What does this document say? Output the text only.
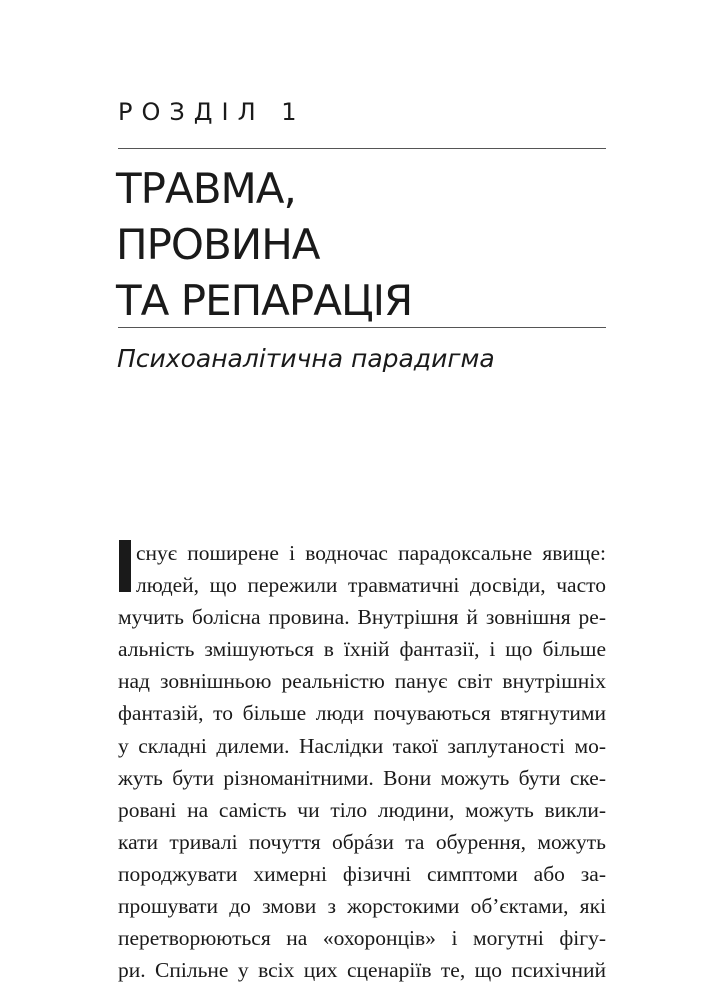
РОЗДІЛ 1
ТРАВМА,
ПРОВИНА
ТА РЕПАРАЦІЯ
Психоаналітична парадигма
снує поширене і водночас парадоксальне явище:
людей, що пережили травматичні досвіди, часто
мучить болісна провина. Внутрішня й зовнішня ре-
альність змішуються в їхній фантазії, і що більше
над зовнішньою реальністю панує світ внутрішніх
фантазій, то більше люди почуваються втягнутими
у складні дилеми. Наслідки такої заплутаності мо-
жуть бути різноманітними. Вони можуть бути ске-
ровані на самість чи тіло людини, можуть викли-
кати тривалі почуття обрáзи та обурення, можуть
породжувати химерні фізичні симптоми або за-
прошувати до змови з жорстокими об’єктами, які
перетворюються на «охоронців» і могутні фігу-
ри. Спільне у всіх цих сценаріїв те, що психічний
